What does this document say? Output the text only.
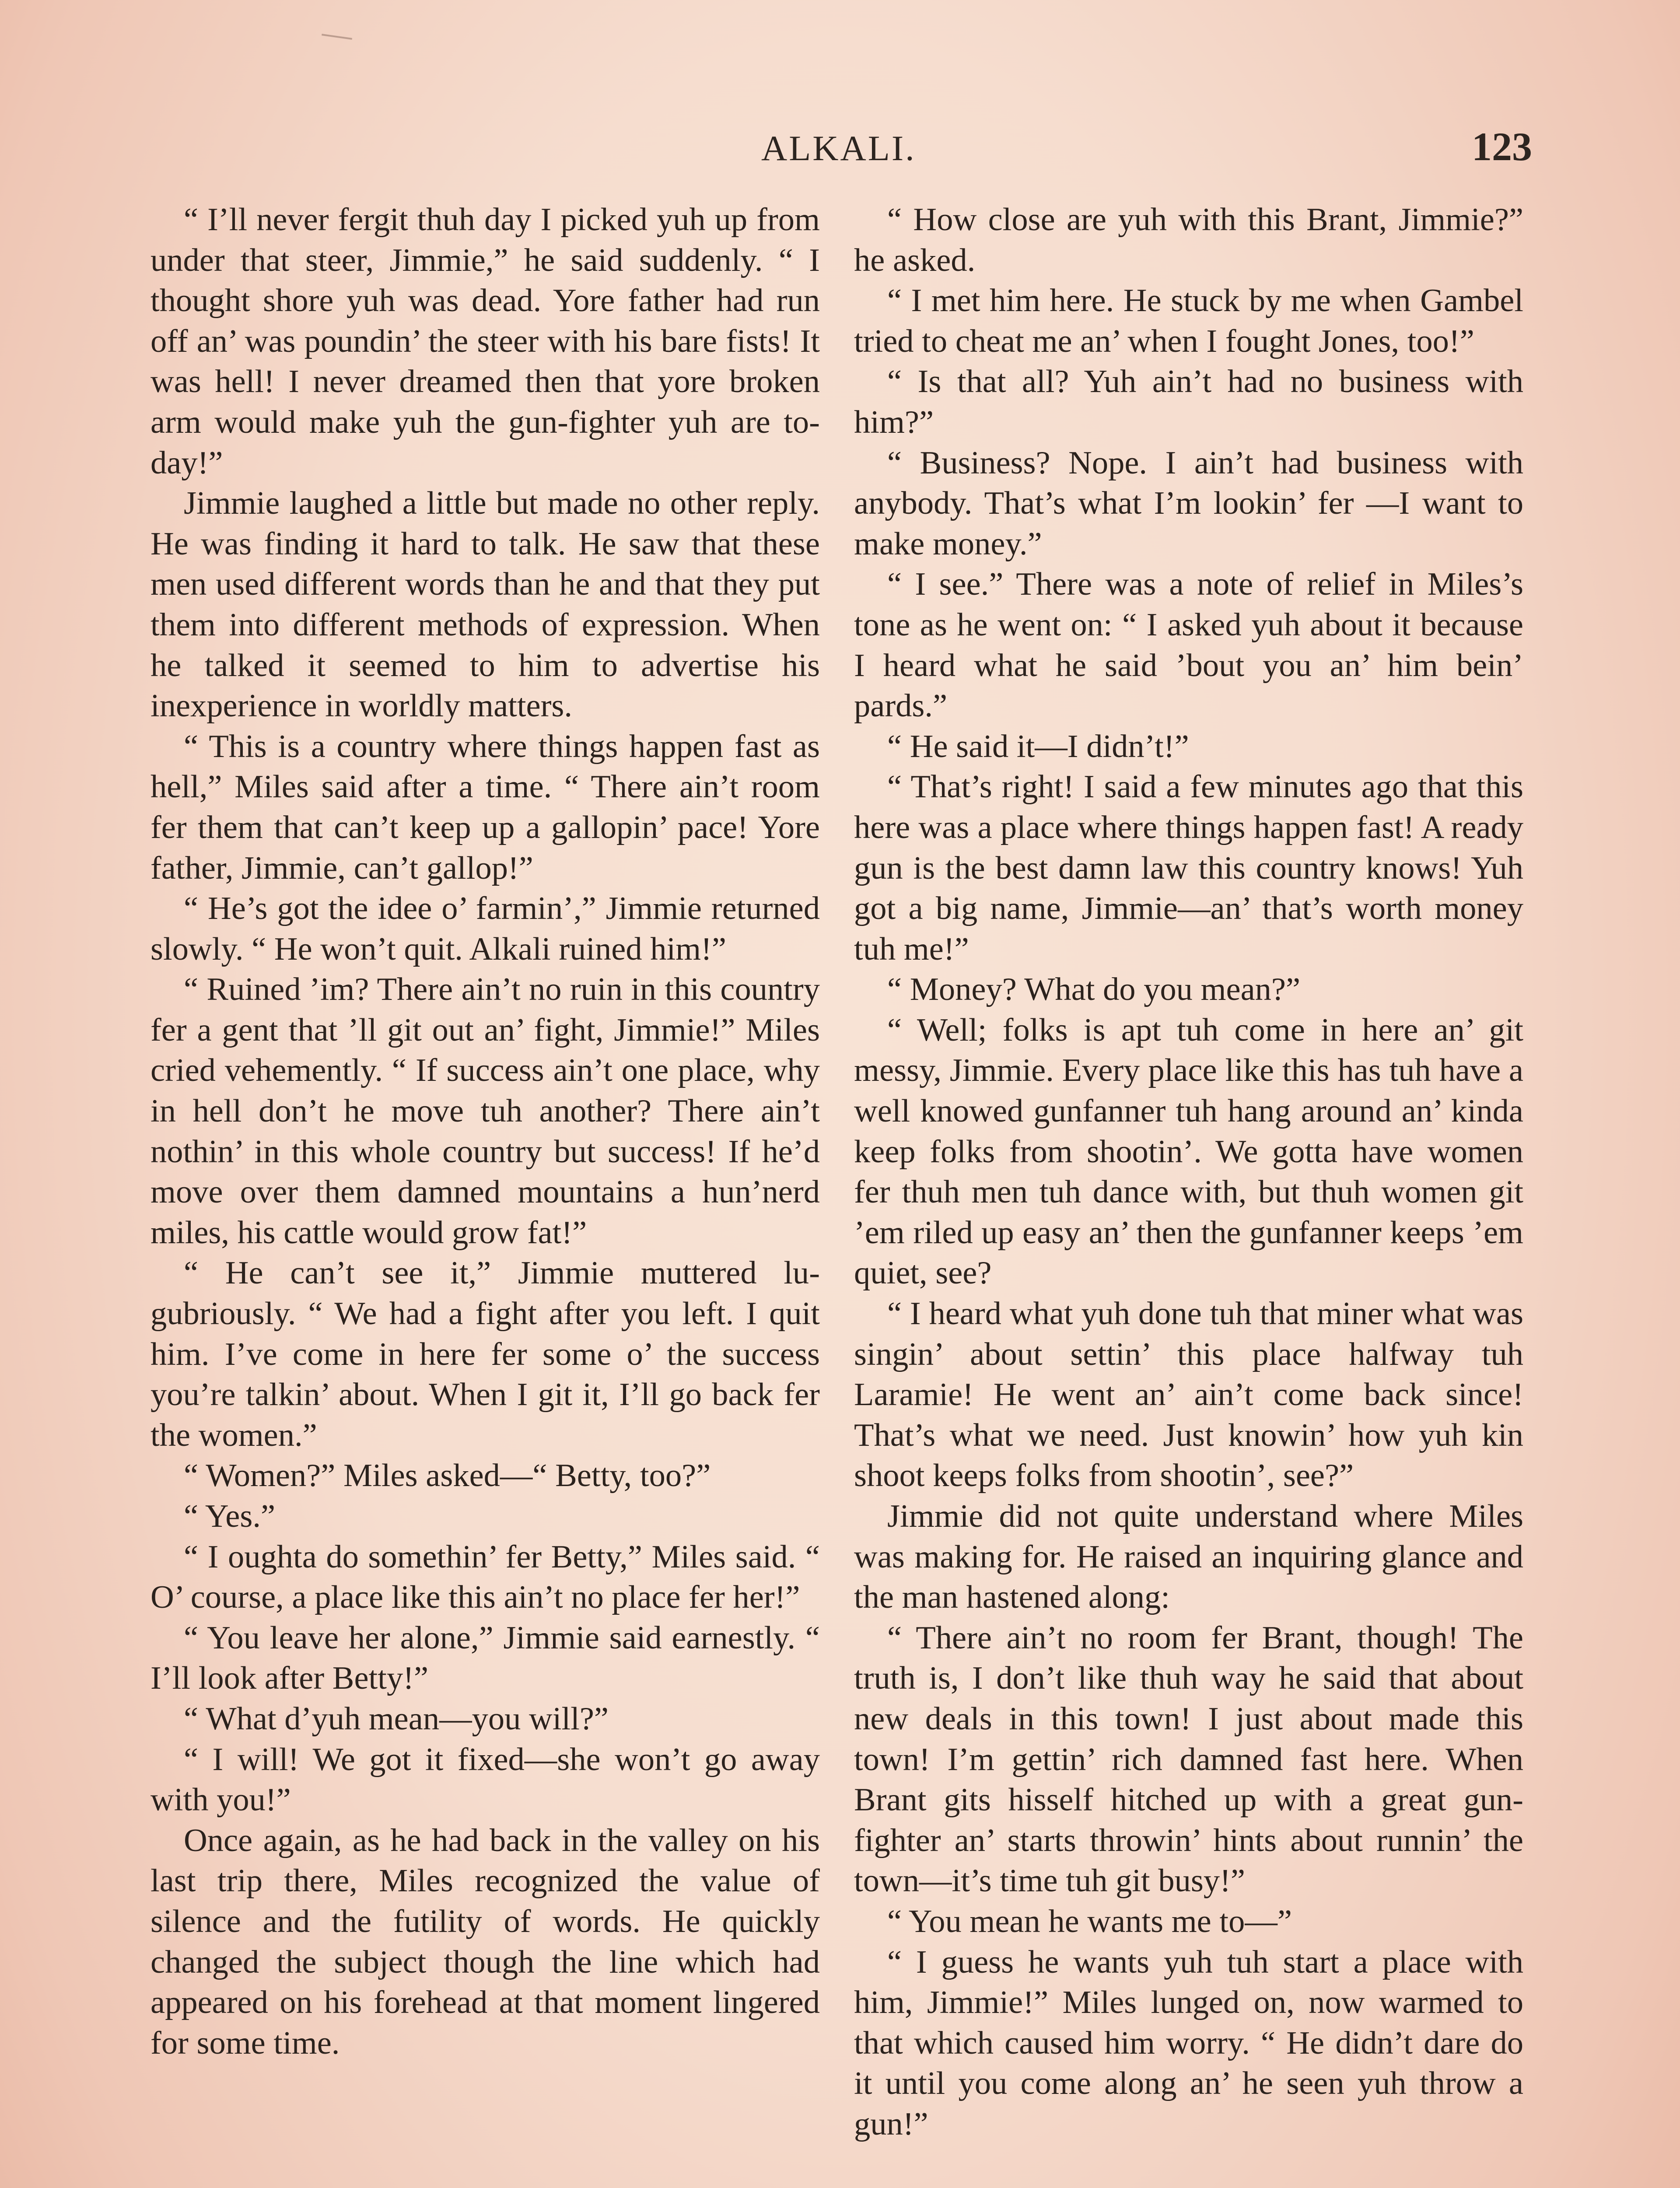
ALKALI.	123

“ I’ll never fergit thuh day I picked yuh up from under that steer, Jimmie,” he said suddenly. “ I thought shore yuh was dead. Yore father had run off an’ was poundin’ the steer with his bare fists! It was hell! I never dreamed then that yore broken arm would make yuh the gun-fighter yuh are to-day!”

Jimmie laughed a little but made no other reply. He was finding it hard to talk. He saw that these men used different words than he and that they put them into different methods of expression. When he talked it seemed to him to advertise his inexperience in worldly matters.

“ This is a country where things happen fast as hell,” Miles said after a time. “ There ain’t room fer them that can’t keep up a gallopin’ pace! Yore father, Jimmie, can’t gallop!”

“ He’s got the idee o’ farmin’,” Jimmie returned slowly. “ He won’t quit. Alkali ruined him!”

“ Ruined ’im? There ain’t no ruin in this country fer a gent that ’ll git out an’ fight, Jimmie!” Miles cried vehemently. “ If success ain’t one place, why in hell don’t he move tuh another? There ain’t nothin’ in this whole country but success! If he’d move over them damned mountains a hun’nerd miles, his cattle would grow fat!”

“ He can’t see it,” Jimmie muttered lugubriously. “ We had a fight after you left. I quit him. I’ve come in here fer some o’ the success you’re talkin’ about. When I git it, I’ll go back fer the women.”

“ Women?” Miles asked—“ Betty, too?”

“ Yes.”

“ I oughta do somethin’ fer Betty,” Miles said. “ O’ course, a place like this ain’t no place fer her!”

“ You leave her alone,” Jimmie said earnestly. “ I’ll look after Betty!”

“ What d’yuh mean—you will?”

“ I will! We got it fixed—she won’t go away with you!”

Once again, as he had back in the valley on his last trip there, Miles recognized the value of silence and the futility of words. He quickly changed the subject though the line which had appeared on his forehead at that moment lingered for some time.

“ How close are yuh with this Brant, Jimmie?” he asked.

“ I met him here. He stuck by me when Gambel tried to cheat me an’ when I fought Jones, too!”

“ Is that all? Yuh ain’t had no business with him?”

“ Business? Nope. I ain’t had business with anybody. That’s what I’m lookin’ fer —I want to make money.”

“ I see.” There was a note of relief in Miles’s tone as he went on: “ I asked yuh about it because I heard what he said ’bout you an’ him bein’ pards.”

“ He said it—I didn’t!”

“ That’s right! I said a few minutes ago that this here was a place where things happen fast! A ready gun is the best damn law this country knows! Yuh got a big name, Jimmie—an’ that’s worth money tuh me!”

“ Money? What do you mean?”

“ Well; folks is apt tuh come in here an’ git messy, Jimmie. Every place like this has tuh have a well knowed gunfanner tuh hang around an’ kinda keep folks from shootin’. We gotta have women fer thuh men tuh dance with, but thuh women git ’em riled up easy an’ then the gunfanner keeps ’em quiet, see?

“ I heard what yuh done tuh that miner what was singin’ about settin’ this place halfway tuh Laramie! He went an’ ain’t come back since! That’s what we need. Just knowin’ how yuh kin shoot keeps folks from shootin’, see?”

Jimmie did not quite understand where Miles was making for. He raised an inquiring glance and the man hastened along:

“ There ain’t no room fer Brant, though! The truth is, I don’t like thuh way he said that about new deals in this town! I just about made this town! I’m gettin’ rich damned fast here. When Brant gits hisself hitched up with a great gun-fighter an’ starts throwin’ hints about runnin’ the town—it’s time tuh git busy!”

“ You mean he wants me to—”

“ I guess he wants yuh tuh start a place with him, Jimmie!” Miles lunged on, now warmed to that which caused him worry. “ He didn’t dare do it until you come along an’ he seen yuh throw a gun!”
